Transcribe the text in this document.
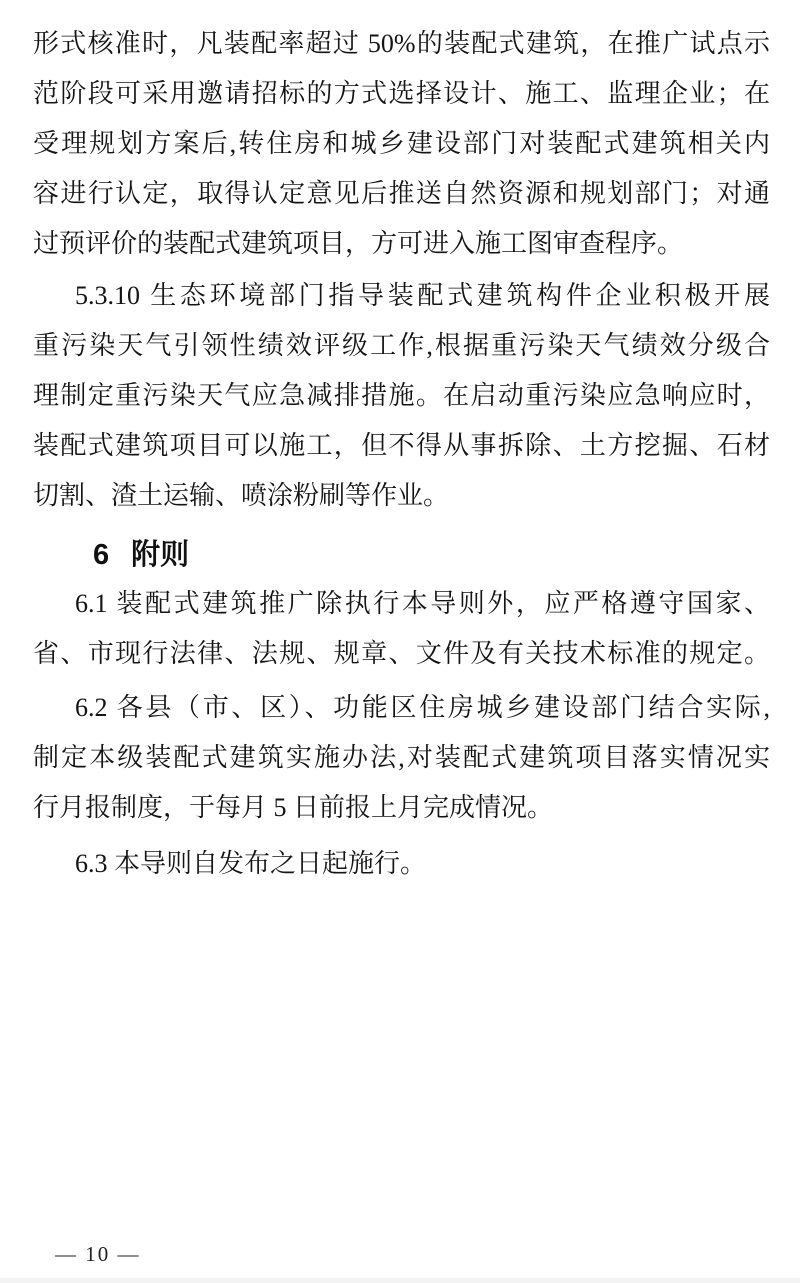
形式核准时，凡装配率超过 50%的装配式建筑，在推广试点示
范阶段可采用邀请招标的方式选择设计、施工、监理企业；在
受理规划方案后,转住房和城乡建设部门对装配式建筑相关内
容进行认定，取得认定意见后推送自然资源和规划部门；对通
过预评价的装配式建筑项目，方可进入施工图审查程序。
5.3.10 生态环境部门指导装配式建筑构件企业积极开展
重污染天气引领性绩效评级工作,根据重污染天气绩效分级合
理制定重污染天气应急减排措施。在启动重污染应急响应时，
装配式建筑项目可以施工，但不得从事拆除、土方挖掘、石材
切割、渣土运输、喷涂粉刷等作业。
6 附则
6.1 装配式建筑推广除执行本导则外，应严格遵守国家、
省、市现行法律、法规、规章、文件及有关技术标准的规定。
6.2 各县（市、区）、功能区住房城乡建设部门结合实际,
制定本级装配式建筑实施办法,对装配式建筑项目落实情况实
行月报制度，于每月 5 日前报上月完成情况。
6.3 本导则自发布之日起施行。
— 10 —
